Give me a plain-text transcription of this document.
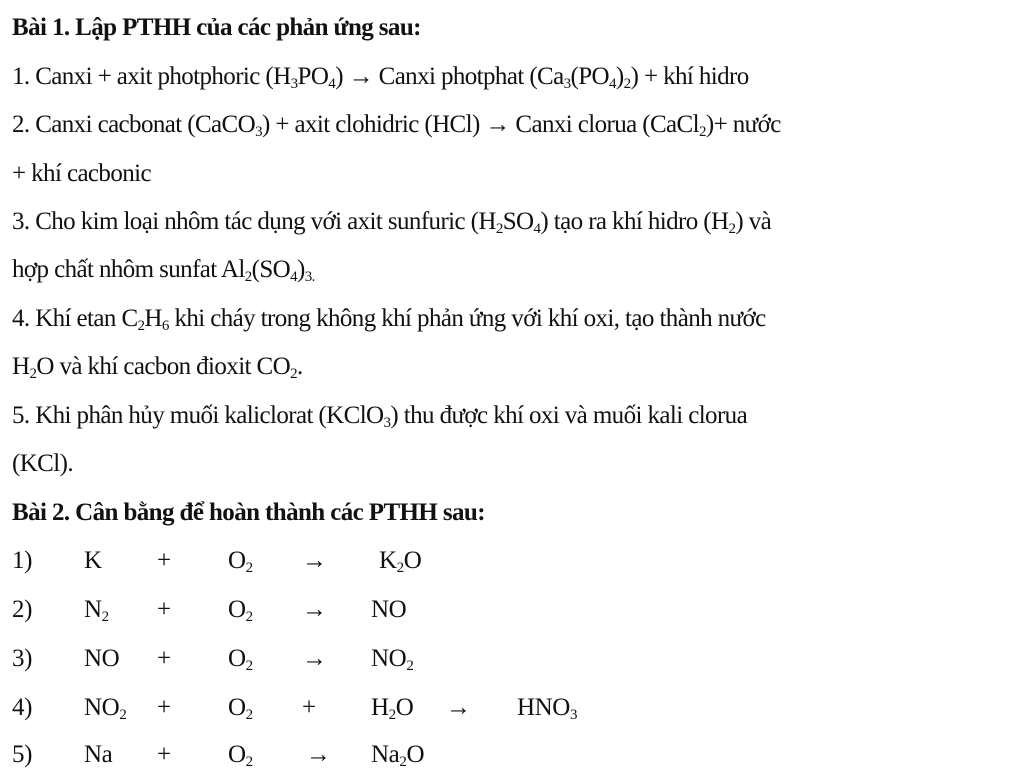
Bài 1. Lập PTHH của các phản ứng sau:
1. Canxi + axit photphoric $(H_3PO_4)$ → Canxi photphat $(Ca_3(PO_4)_2)$ + khí hidro
2. Canxi cacbonat (CaCO$_3$) + axit clohidric (HCl) → Canxi clorua (CaCl$_2$)+ nước
+ khí cacbonic
3. Cho kim loại nhôm tác dụng với axit sunfuric $(H_2SO_4)$ tạo ra khí hidro $(H_2)$ và
hợp chất nhôm sunfat $Al_2(SO_4)_{3.}$
4. Khí etan $C_2H_6$ khi cháy trong không khí phản ứng với khí oxi, tạo thành nước
$H_2O$ và khí cacbon đioxit $CO_2$.
5. Khi phân hủy muối kaliclorat (KClO$_3$) thu được khí oxi và muối kali clorua
(KCl).
Bài 2. Cân bằng để hoàn thành các PTHH sau:
1) $K + O_2 \to K_2O$
2) $N_2 + O_2$ → NO
3) NO + $O_2 \to NO_2$
4) $NO_2 + O_2 + H_2O \to HNO_3$
5) $Na + O_2 \to Na_2O$
